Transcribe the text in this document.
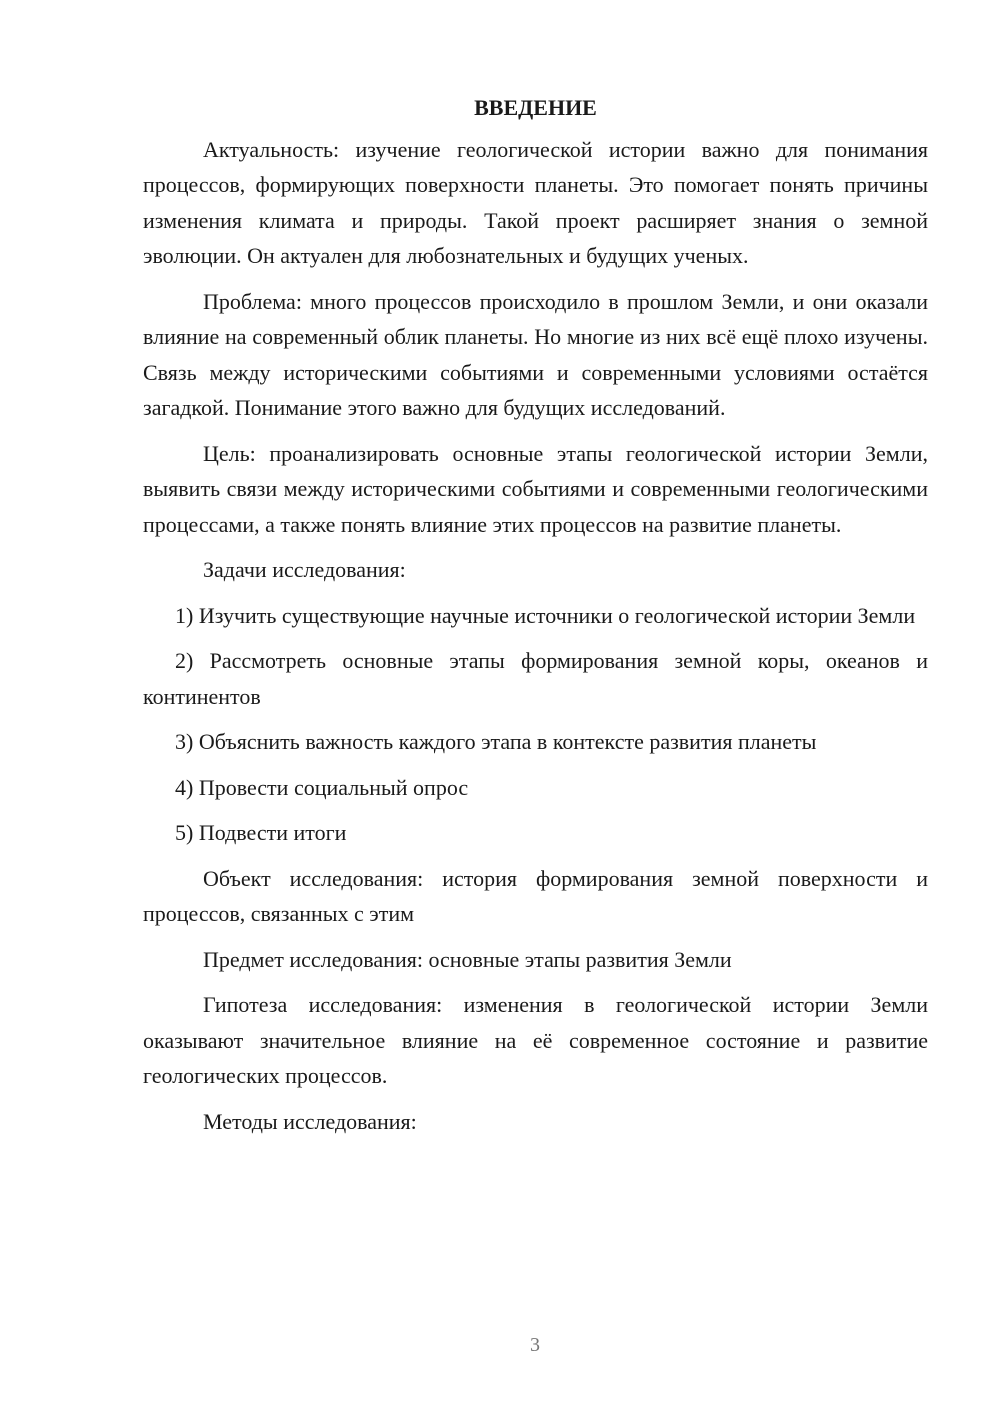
ВВЕДЕНИЕ

Актуальность: изучение геологической истории важно для понимания процессов, формирующих поверхности планеты. Это помогает понять причины изменения климата и природы. Такой проект расширяет знания о земной эволюции. Он актуален для любознательных и будущих ученых.

Проблема: много процессов происходило в прошлом Земли, и они оказали влияние на современный облик планеты. Но многие из них всё ещё плохо изучены. Связь между историческими событиями и современными условиями остаётся загадкой. Понимание этого важно для будущих исследований.

Цель: проанализировать основные этапы геологической истории Земли, выявить связи между историческими событиями и современными геологическими процессами, а также понять влияние этих процессов на развитие планеты.

Задачи исследования:

1) Изучить существующие научные источники о геологической истории Земли

2) Рассмотреть основные этапы формирования земной коры, океанов и континентов

3) Объяснить важность каждого этапа в контексте развития планеты

4) Провести социальный опрос

5) Подвести итоги

Объект исследования: история формирования земной поверхности и процессов, связанных с этим

Предмет исследования: основные этапы развития Земли

Гипотеза исследования: изменения в геологической истории Земли оказывают значительное влияние на её современное состояние и развитие геологических процессов.

Методы исследования:

3
